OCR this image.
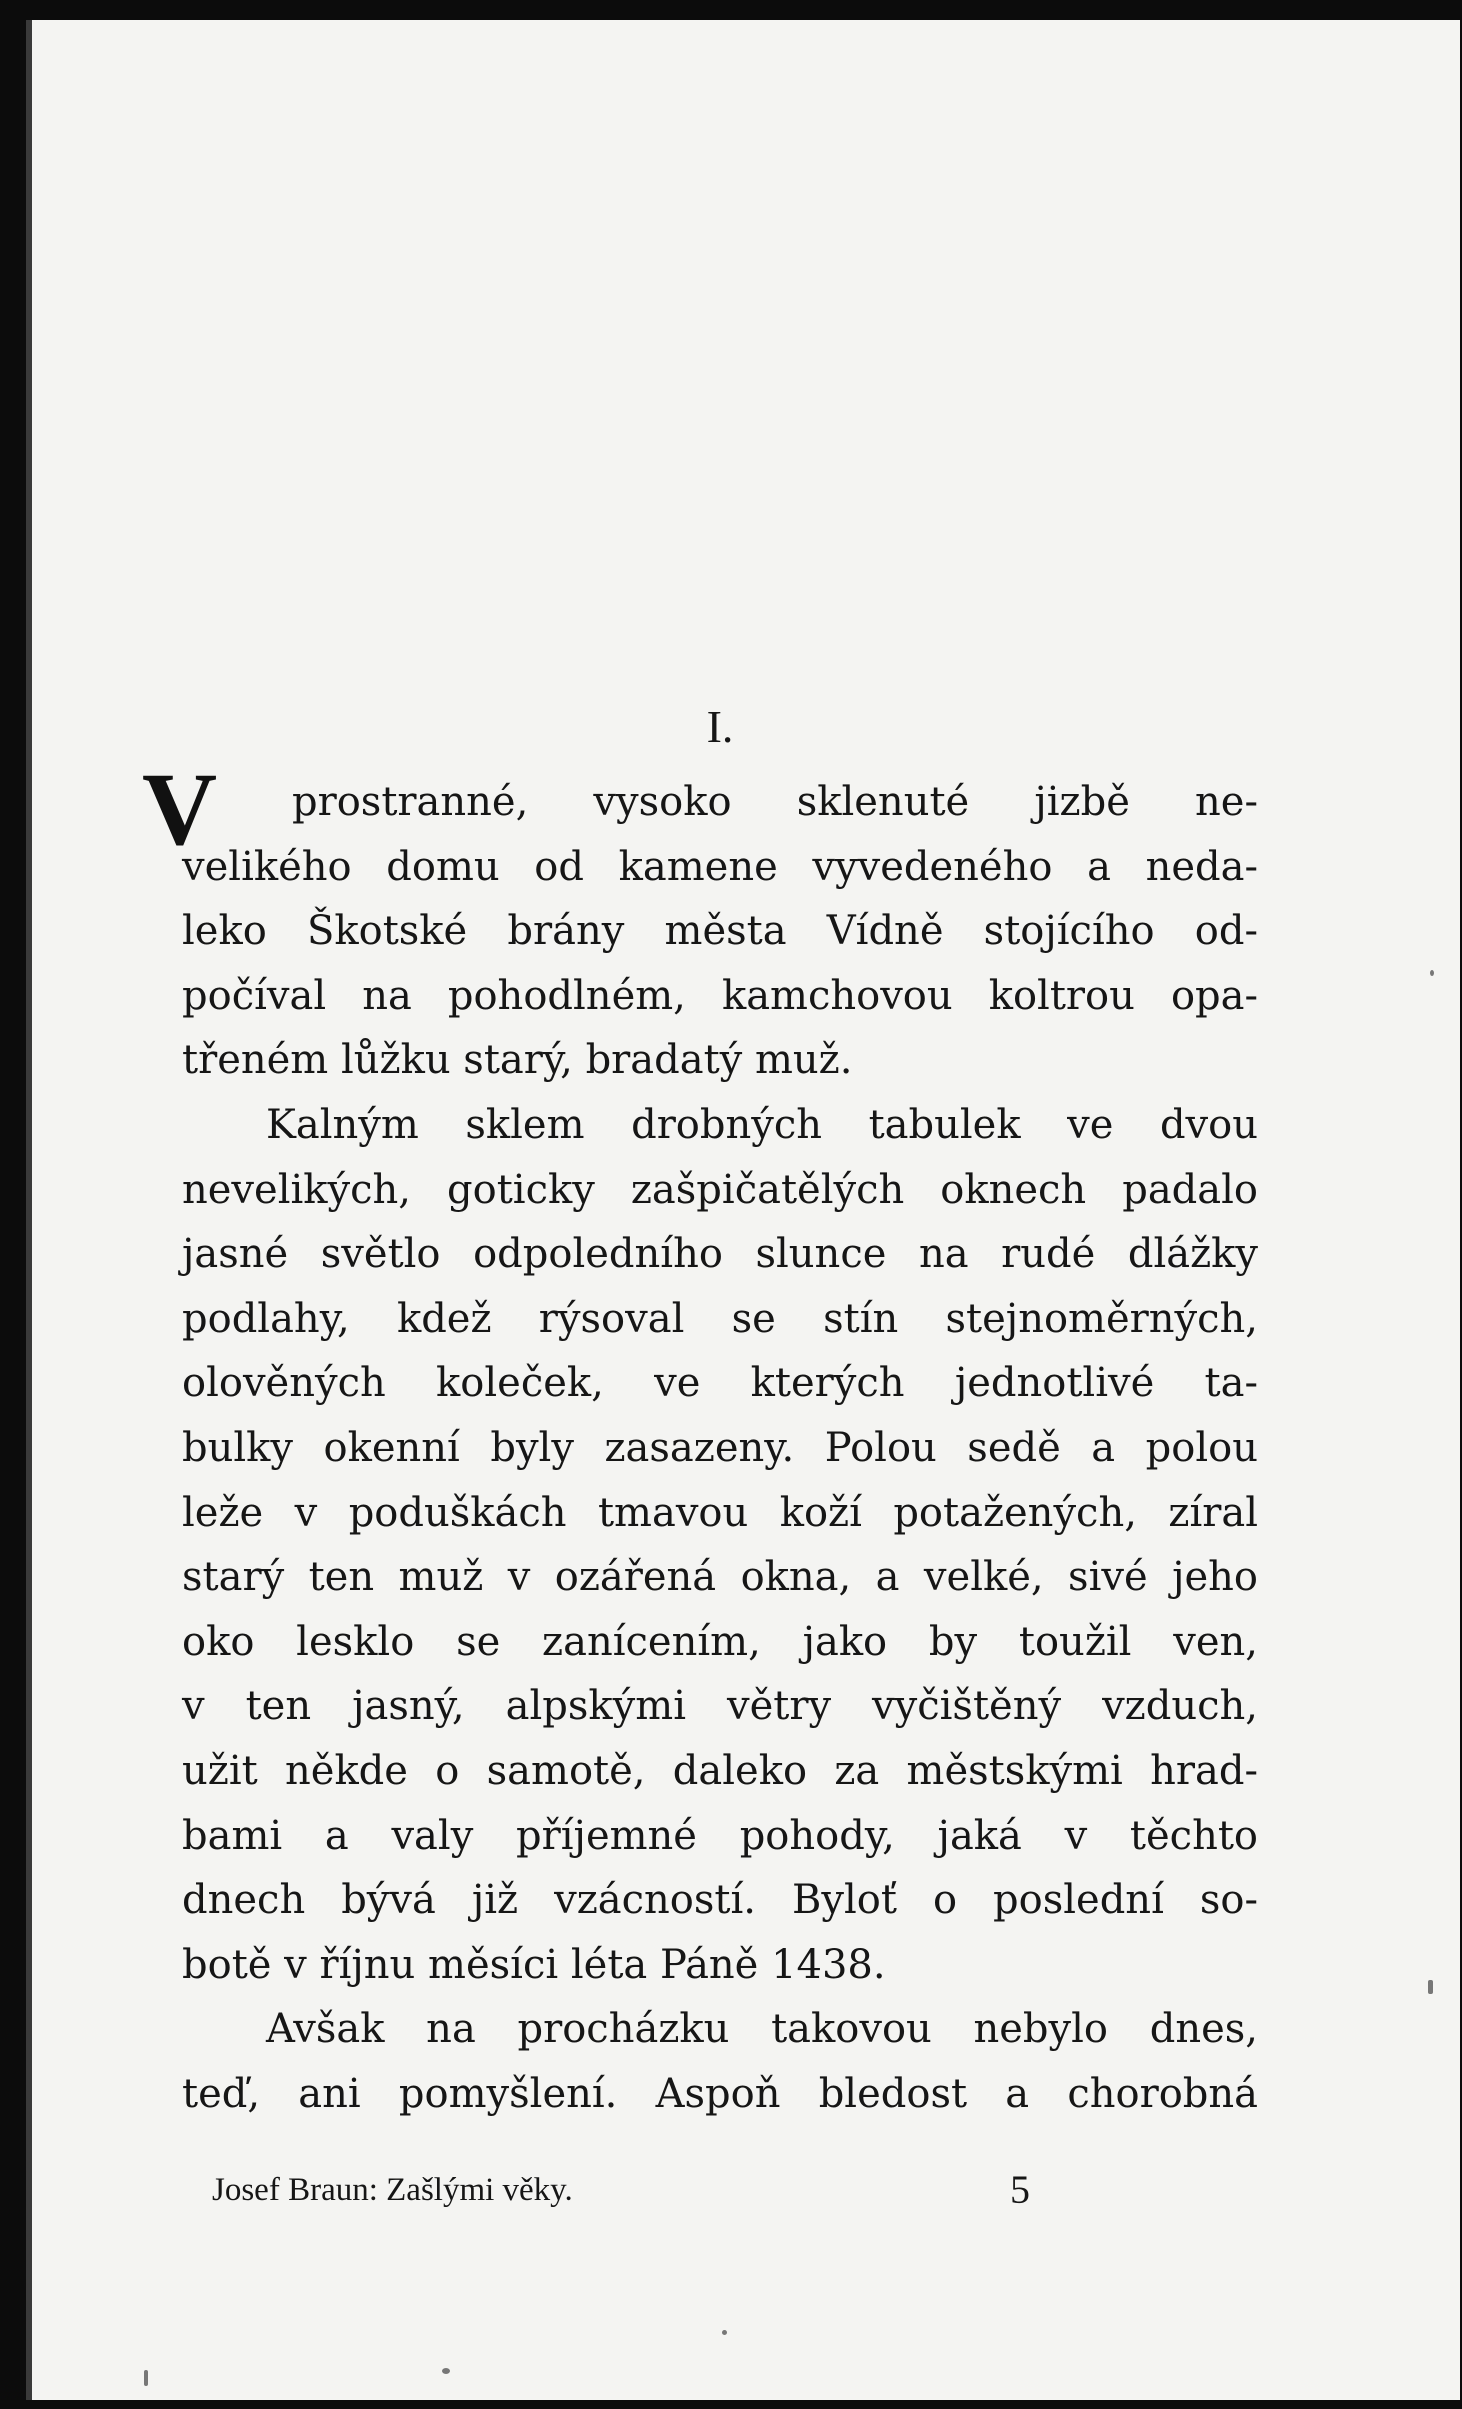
I.
prostranné, vysoko sklenuté jizbě ne-
velikého domu od kamene vyvedeného a neda-
leko Škotské brány města Vídně stojícího od-
počíval na pohodlném, kamchovou koltrou opa-
třeném lůžku starý, bradatý muž.
Kalným sklem drobných tabulek ve dvou
nevelikých, goticky zašpičatělých oknech padalo
jasné světlo odpoledního slunce na rudé dlážky
podlahy, kdež rýsoval se stín stejnoměrných,
olověných koleček, ve kterých jednotlivé ta-
bulky okenní byly zasazeny. Polou sedě a polou
leže v poduškách tmavou koží potažených, zíral
starý ten muž v ozářená okna, a velké, sivé jeho
oko lesklo se zanícením, jako by toužil ven,
v ten jasný, alpskými větry vyčištěný vzduch,
užit někde o samotě, daleko za městskými hrad-
bami a valy příjemné pohody, jaká v těchto
dnech bývá již vzácností. Byloť o poslední so-
botě v říjnu měsíci léta Páně 1438.
Avšak na procházku takovou nebylo dnes,
teď, ani pomyšlení. Aspoň bledost a chorobná
V
Josef Braun: Zašlými věky.	5
